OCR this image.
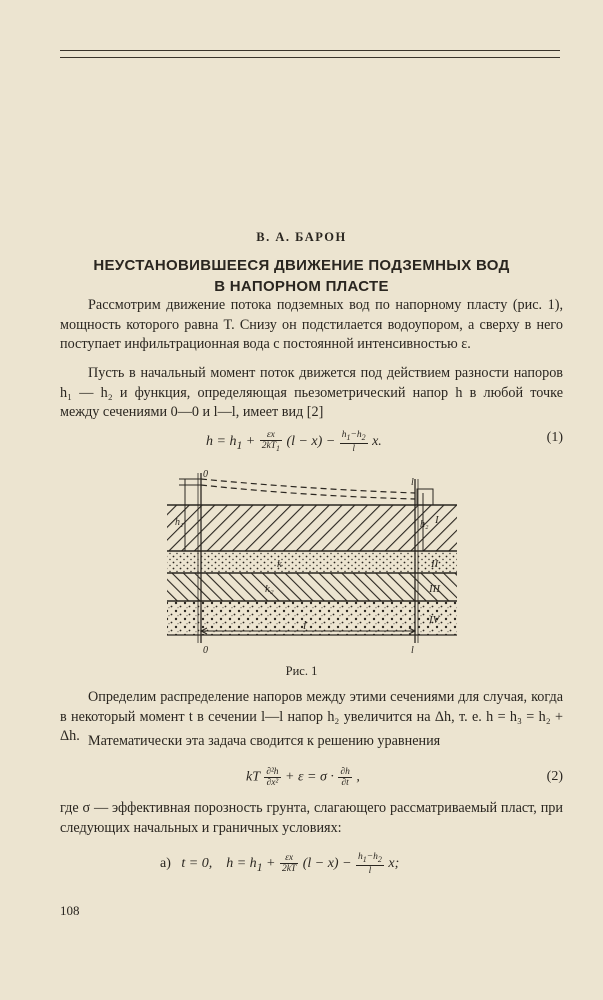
В. А. БАРОН
НЕУСТАНОВИВШЕЕСЯ ДВИЖЕНИЕ ПОДЗЕМНЫХ ВОД
В НАПОРНОМ ПЛАСТЕ

Рассмотрим движение потока подземных вод по напорному пласту (рис. 1), мощность которого равна T. Снизу он подстилается водоупором, а сверху в него поступает инфильтрационная вода с постоянной интенсивностью ε.

Пусть в начальный момент поток движется под действием разности напоров h₁ — h₂ и функция, определяющая пьезометрический напор h в любой точке между сечениями 0—0 и l—l, имеет вид [2]

$h = h_1 + \frac{\varepsilon x}{2kT_1} (l - x) - \frac{h_1-h_2}{l} x$.	(1)
0
0
l
l
h₁	h₂
k
k₂
l
I
II
III
IV
Рис. 1

Определим распределение напоров между этими сечениями для случая, когда в некоторый момент t в сечении l—l напор h₂ увеличится на Δh, т. е. h = h₃ = h₂ + Δh. Математически эта задача сводится к решению уравнения

kT $\frac{\text{∂²h}}{\text{∂x²}} + \varepsilon = \sigma \cdot \frac{\partial h}{\partial t}$ ,	(2)

где σ — эффективная порозность грунта, слагающего рассматриваемый пласт, при следующих начальных и граничных условиях:

а)   t = 0,    $h = h_1 + \frac{\varepsilon x}{2kT} (l - x) - \frac{h_1-h_2}{l} x$;
108
